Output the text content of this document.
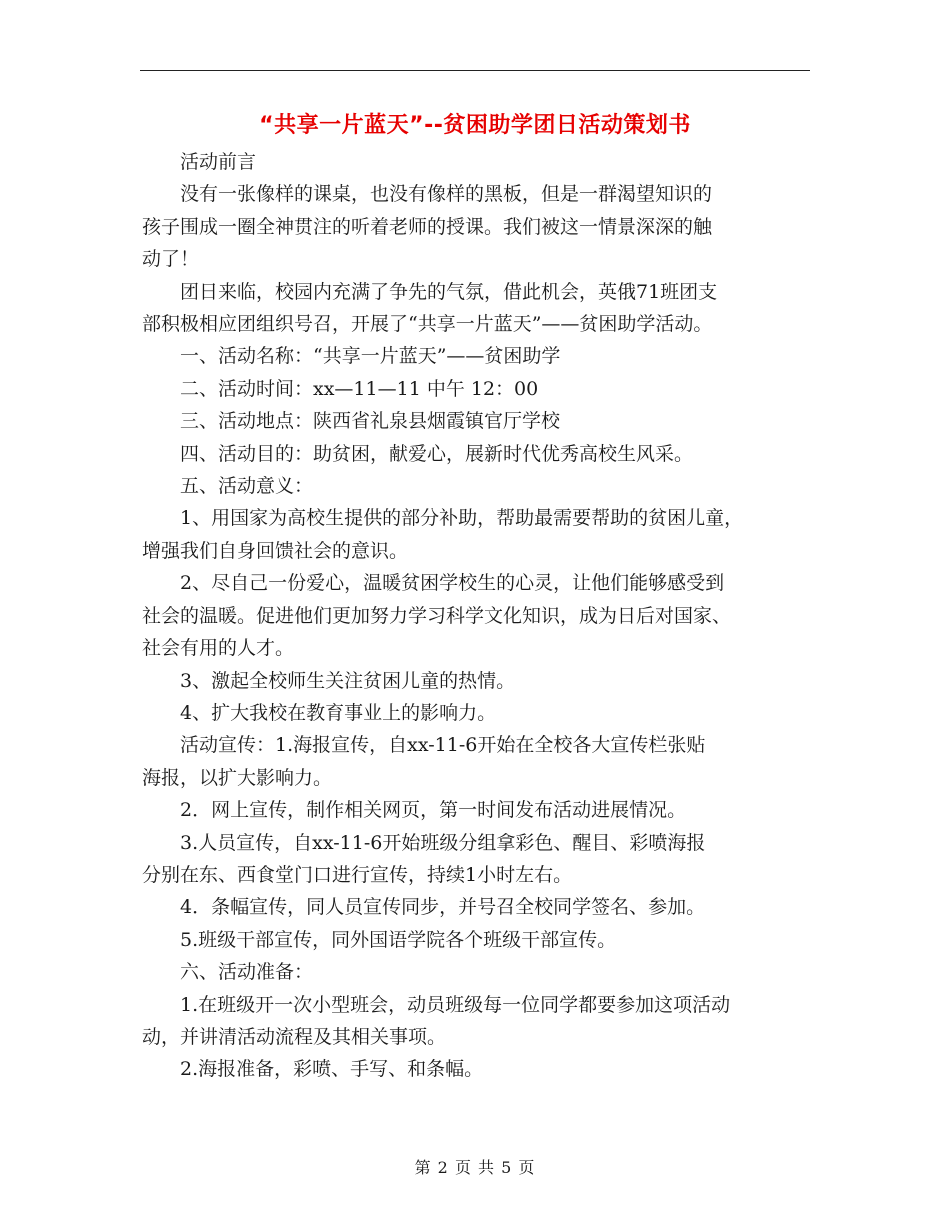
“共享一片蓝天”--贫困助学团日活动策划书
活动前言
没有一张像样的课桌，也没有像样的黑板，但是一群渴望知识的
孩子围成一圈全神贯注的听着老师的授课。我们被这一情景深深的触
动了！
团日来临，校园内充满了争先的气氛，借此机会，英俄71班团支
部积极相应团组织号召，开展了“共享一片蓝天”——贫困助学活动。
一、活动名称：“共享一片蓝天”——贫困助学
二、活动时间：xx—11—11 中午 12：00
三、活动地点：陕西省礼泉县烟霞镇官厅学校
四、活动目的：助贫困，献爱心，展新时代优秀高校生风采。
五、活动意义：
1、用国家为高校生提供的部分补助，帮助最需要帮助的贫困儿童，
增强我们自身回馈社会的意识。
2、尽自己一份爱心，温暖贫困学校生的心灵，让他们能够感受到
社会的温暖。促进他们更加努力学习科学文化知识，成为日后对国家、
社会有用的人才。
3、激起全校师生关注贫困儿童的热情。
4、扩大我校在教育事业上的影响力。
活动宣传：1.海报宣传，自xx-11-6开始在全校各大宣传栏张贴
海报，以扩大影响力。
2．网上宣传，制作相关网页，第一时间发布活动进展情况。
3.人员宣传，自xx-11-6开始班级分组拿彩色、醒目、彩喷海报
分别在东、西食堂门口进行宣传，持续1小时左右。
4．条幅宣传，同人员宣传同步，并号召全校同学签名、参加。
5.班级干部宣传，同外国语学院各个班级干部宣传。
六、活动准备：
1.在班级开一次小型班会，动员班级每一位同学都要参加这项活动
动，并讲清活动流程及其相关事项。
2.海报准备，彩喷、手写、和条幅。
第 2 页 共 5 页
